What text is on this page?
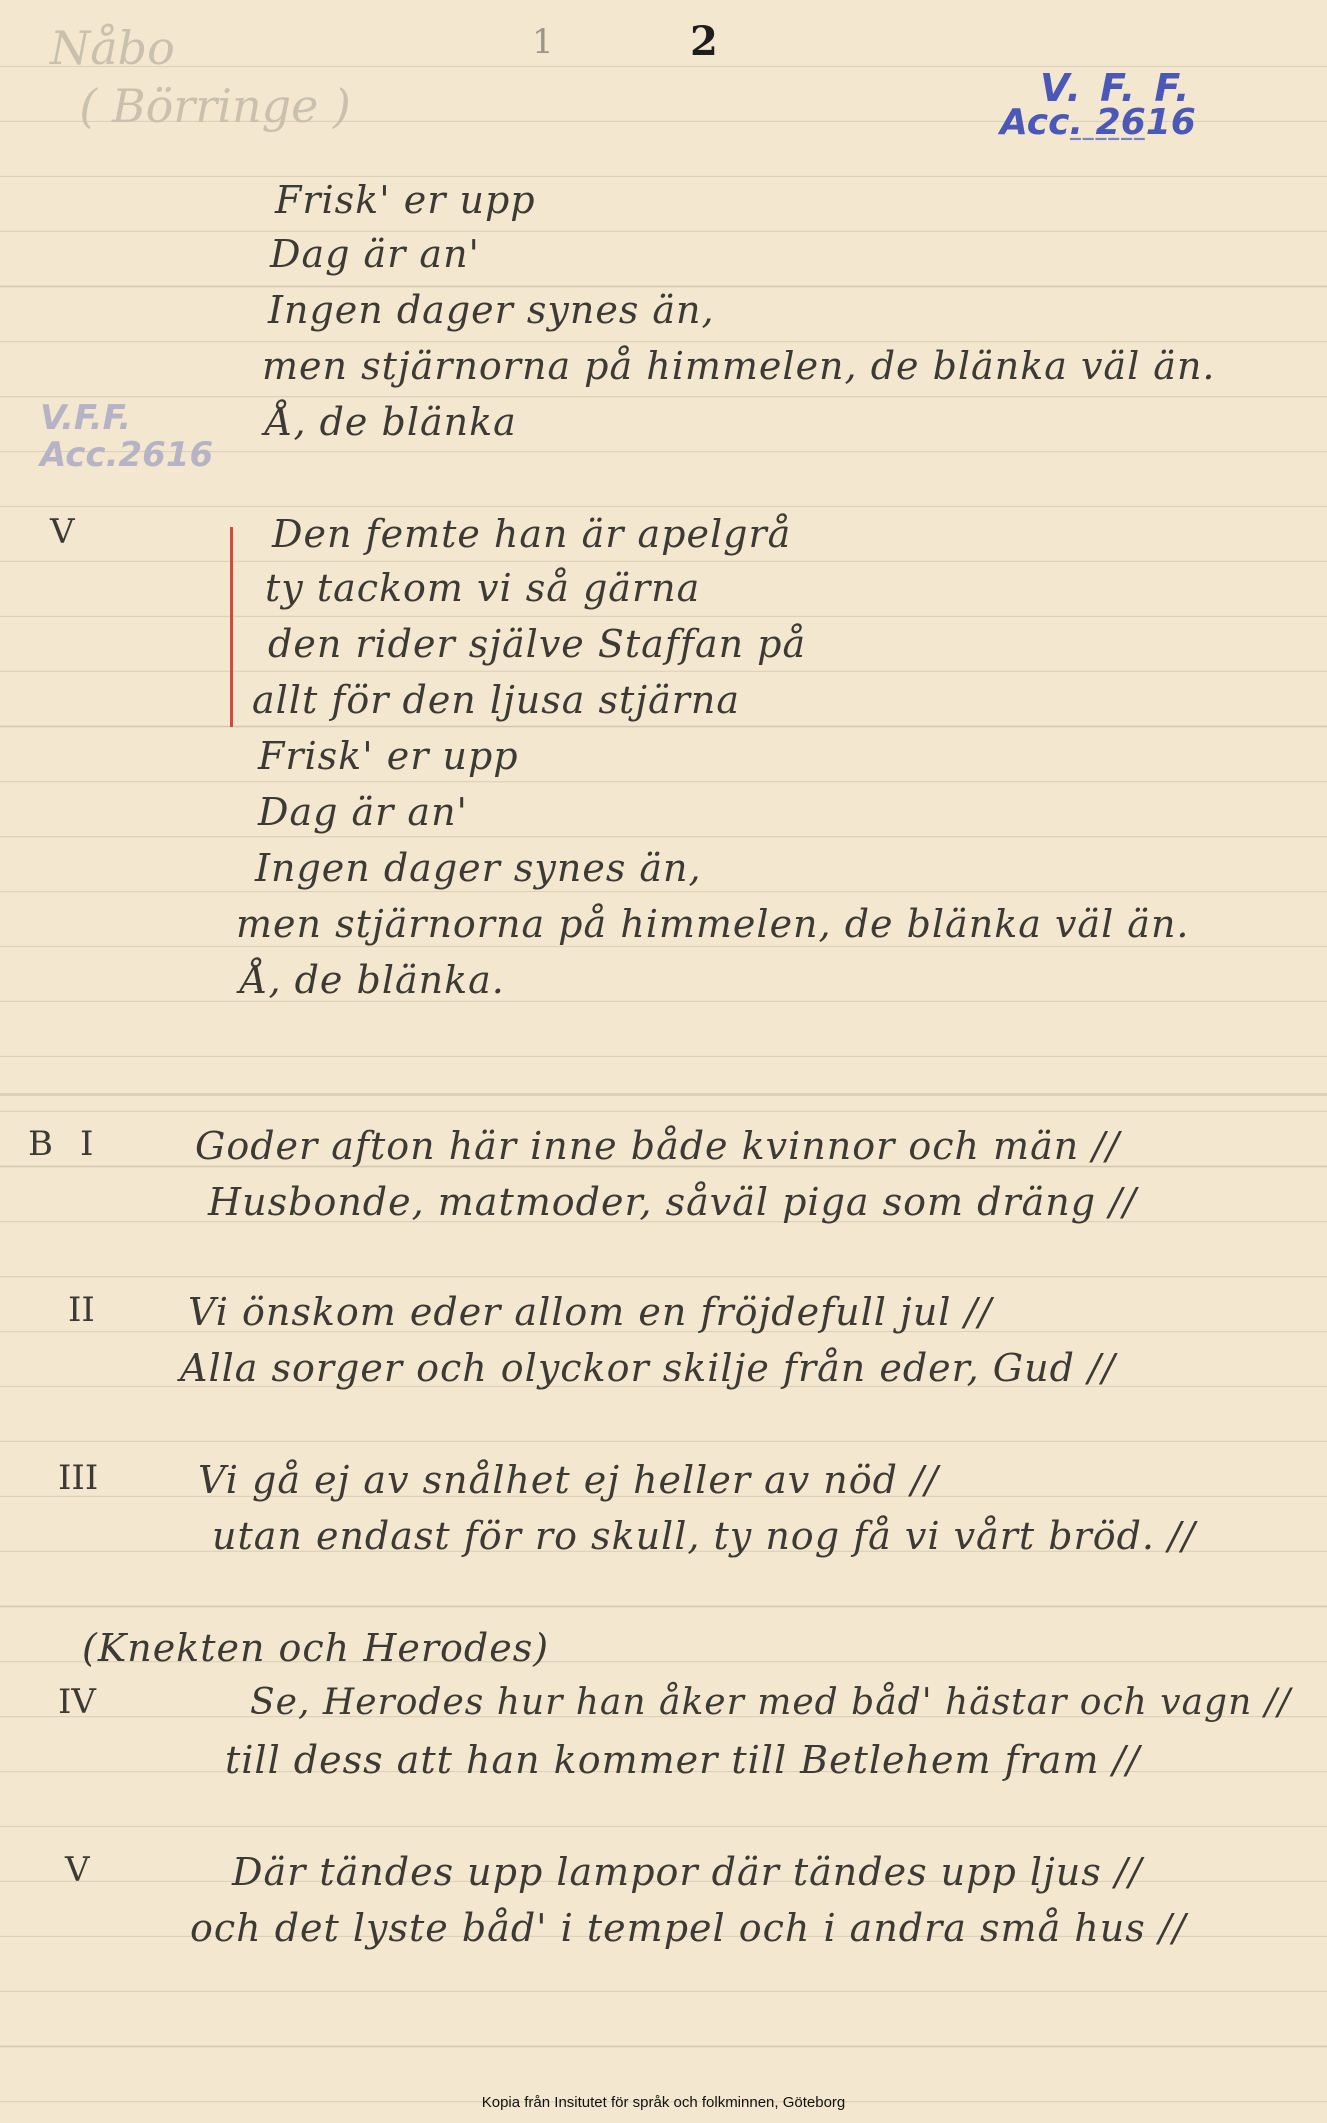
Nåbo
( Börringe )
1	2
V. F. F.
Acc. 2616
▔▔▔▔▔▔
V.F.F.
Acc.2616
Frisk' er upp
Dag är an'
Ingen dager synes än,
men stjärnorna på himmelen, de blänka väl än.
Å, de blänka
V	Den femte han är apelgrå
ty tackom vi så gärna
den rider själve Staffan på
allt för den ljusa stjärna
Frisk' er upp
Dag är an'
Ingen dager synes än,
men stjärnorna på himmelen, de blänka väl än.
Å, de blänka.
B I	Goder afton här inne både kvinnor och män //
Husbonde, matmoder, såväl piga som dräng //
II Vi önskom eder allom en fröjdefull jul //
Alla sorger och olyckor skilje från eder, Gud //
III	Vi gå ej av snålhet ej heller av nöd //
utan endast för ro skull, ty nog få vi vårt bröd. //
(Knekten och Herodes)
IV	Se, Herodes hur han åker med båd' hästar och vagn //
till dess att han kommer till Betlehem fram //
V	Där tändes upp lampor där tändes upp ljus //
och det lyste båd' i tempel och i andra små hus //
Kopia från Insitutet för språk och folkminnen, Göteborg
